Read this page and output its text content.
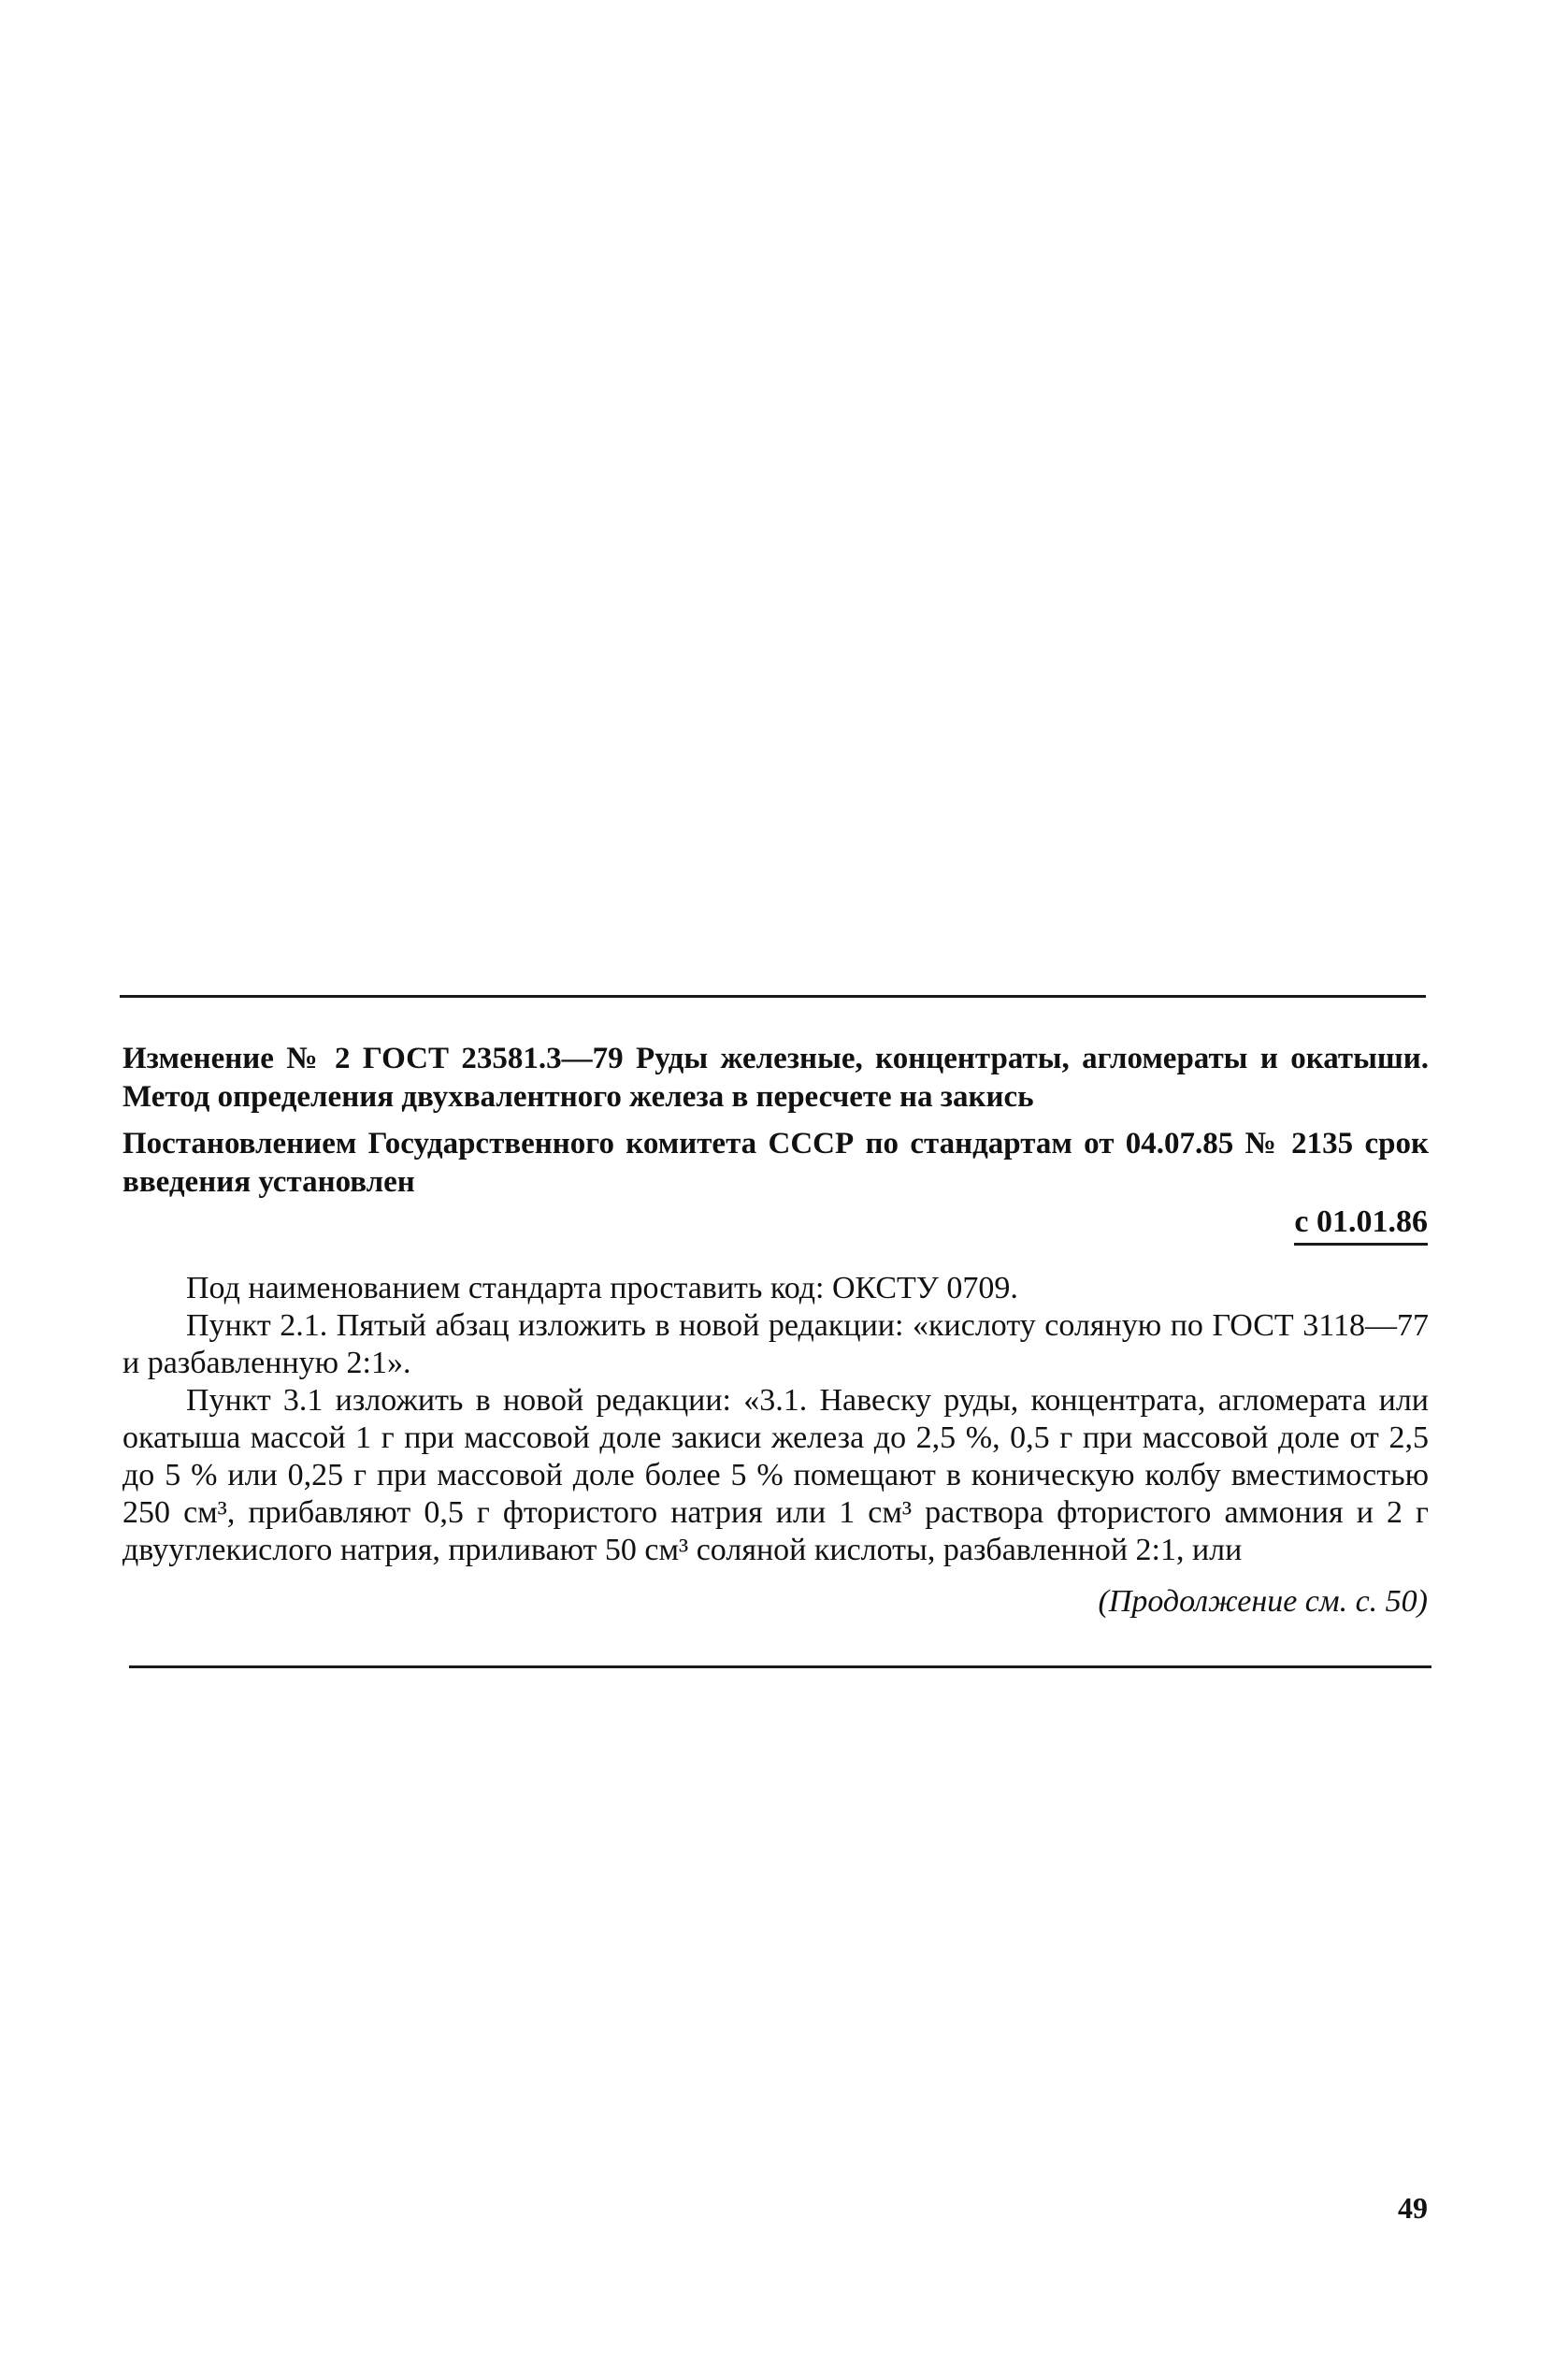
Изменение № 2 ГОСТ 23581.3—79 Руды железные, концентраты, агломераты и окатыши. Метод определения двухвалентного железа в пересчете на закись
Постановлением Государственного комитета СССР по стандартам от 04.07.85 № 2135 срок введения установлен
с 01.01.86

Под наименованием стандарта проставить код: ОКСТУ 0709.

Пункт 2.1. Пятый абзац изложить в новой редакции: «кислоту соляную по ГОСТ 3118—77 и разбавленную 2:1».

Пункт 3.1 изложить в новой редакции: «3.1. Навеску руды, концентрата, агломерата или окатыша массой 1 г при массовой доле закиси железа до 2,5 %, 0,5 г при массовой доле от 2,5 до 5 % или 0,25 г при массовой доле более 5 % помещают в коническую колбу вместимостью 250 см³, прибавляют 0,5 г фтористого натрия или 1 см³ раствора фтористого аммония и 2 г двууглекислого натрия, приливают 50 см³ соляной кислоты, разбавленной 2:1, или

(Продолжение см. с. 50)
49
